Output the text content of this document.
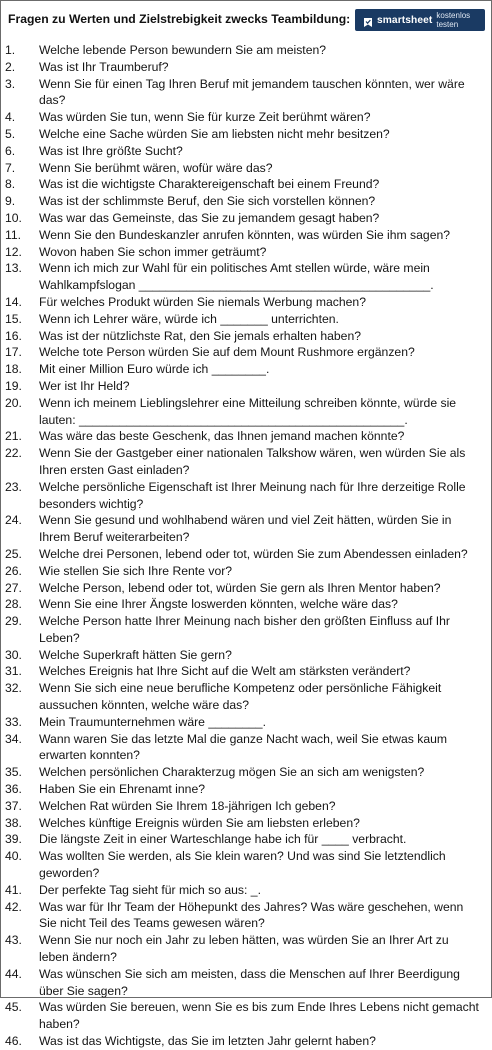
Fragen zu Werten und Zielstrebigkeit zwecks Teambildung:	smartsheet kostenlos testen
1.	Welche lebende Person bewundern Sie am meisten?
2.	Was ist Ihr Traumberuf?
3.	Wenn Sie für einen Tag Ihren Beruf mit jemandem tauschen könnten, wer wäre das?
4.	Was würden Sie tun, wenn Sie für kurze Zeit berühmt wären?
5.	Welche eine Sache würden Sie am liebsten nicht mehr besitzen?
6.	Was ist Ihre größte Sucht?
7.	Wenn Sie berühmt wären, wofür wäre das?
8.	Was ist die wichtigste Charaktereigenschaft bei einem Freund?
9.	Was ist der schlimmste Beruf, den Sie sich vorstellen können?
10.	Was war das Gemeinste, das Sie zu jemandem gesagt haben?
11.	Wenn Sie den Bundeskanzler anrufen könnten, was würden Sie ihm sagen?
12.	Wovon haben Sie schon immer geträumt?
13.	Wenn ich mich zur Wahl für ein politisches Amt stellen würde, wäre mein Wahlkampfslogan ___________________________________________.
14.	Für welches Produkt würden Sie niemals Werbung machen?
15.	Wenn ich Lehrer wäre, würde ich _______ unterrichten.
16.	Was ist der nützlichste Rat, den Sie jemals erhalten haben?
17.	Welche tote Person würden Sie auf dem Mount Rushmore ergänzen?
18.	Mit einer Million Euro würde ich ________.
19.	Wer ist Ihr Held?
20.	Wenn ich meinem Lieblingslehrer eine Mitteilung schreiben könnte, würde sie lauten: ________________________________________________.
21.	Was wäre das beste Geschenk, das Ihnen jemand machen könnte?
22.	Wenn Sie der Gastgeber einer nationalen Talkshow wären, wen würden Sie als Ihren ersten Gast einladen?
23.	Welche persönliche Eigenschaft ist Ihrer Meinung nach für Ihre derzeitige Rolle besonders wichtig?
24.	Wenn Sie gesund und wohlhabend wären und viel Zeit hätten, würden Sie in Ihrem Beruf weiterarbeiten?
25.	Welche drei Personen, lebend oder tot, würden Sie zum Abendessen einladen?
26.	Wie stellen Sie sich Ihre Rente vor?
27.	Welche Person, lebend oder tot, würden Sie gern als Ihren Mentor haben?
28.	Wenn Sie eine Ihrer Ängste loswerden könnten, welche wäre das?
29.	Welche Person hatte Ihrer Meinung nach bisher den größten Einfluss auf Ihr Leben?
30.	Welche Superkraft hätten Sie gern?
31.	Welches Ereignis hat Ihre Sicht auf die Welt am stärksten verändert?
32.	Wenn Sie sich eine neue berufliche Kompetenz oder persönliche Fähigkeit aussuchen könnten, welche wäre das?
33.	Mein Traumunternehmen wäre ________.
34.	Wann waren Sie das letzte Mal die ganze Nacht wach, weil Sie etwas kaum erwarten konnten?
35.	Welchen persönlichen Charakterzug mögen Sie an sich am wenigsten?
36.	Haben Sie ein Ehrenamt inne?
37.	Welchen Rat würden Sie Ihrem 18-jährigen Ich geben?
38.	Welches künftige Ereignis würden Sie am liebsten erleben?
39.	Die längste Zeit in einer Warteschlange habe ich für ____ verbracht.
40.	Was wollten Sie werden, als Sie klein waren? Und was sind Sie letztendlich geworden?
41.	Der perfekte Tag sieht für mich so aus: _.
42.	Was war für Ihr Team der Höhepunkt des Jahres? Was wäre geschehen, wenn Sie nicht Teil des Teams gewesen wären?
43.	Wenn Sie nur noch ein Jahr zu leben hätten, was würden Sie an Ihrer Art zu leben ändern?
44.	Was wünschen Sie sich am meisten, dass die Menschen auf Ihrer Beerdigung über Sie sagen?
45.	Was würden Sie bereuen, wenn Sie es bis zum Ende Ihres Lebens nicht gemacht haben?
46.	Was ist das Wichtigste, das Sie im letzten Jahr gelernt haben?
